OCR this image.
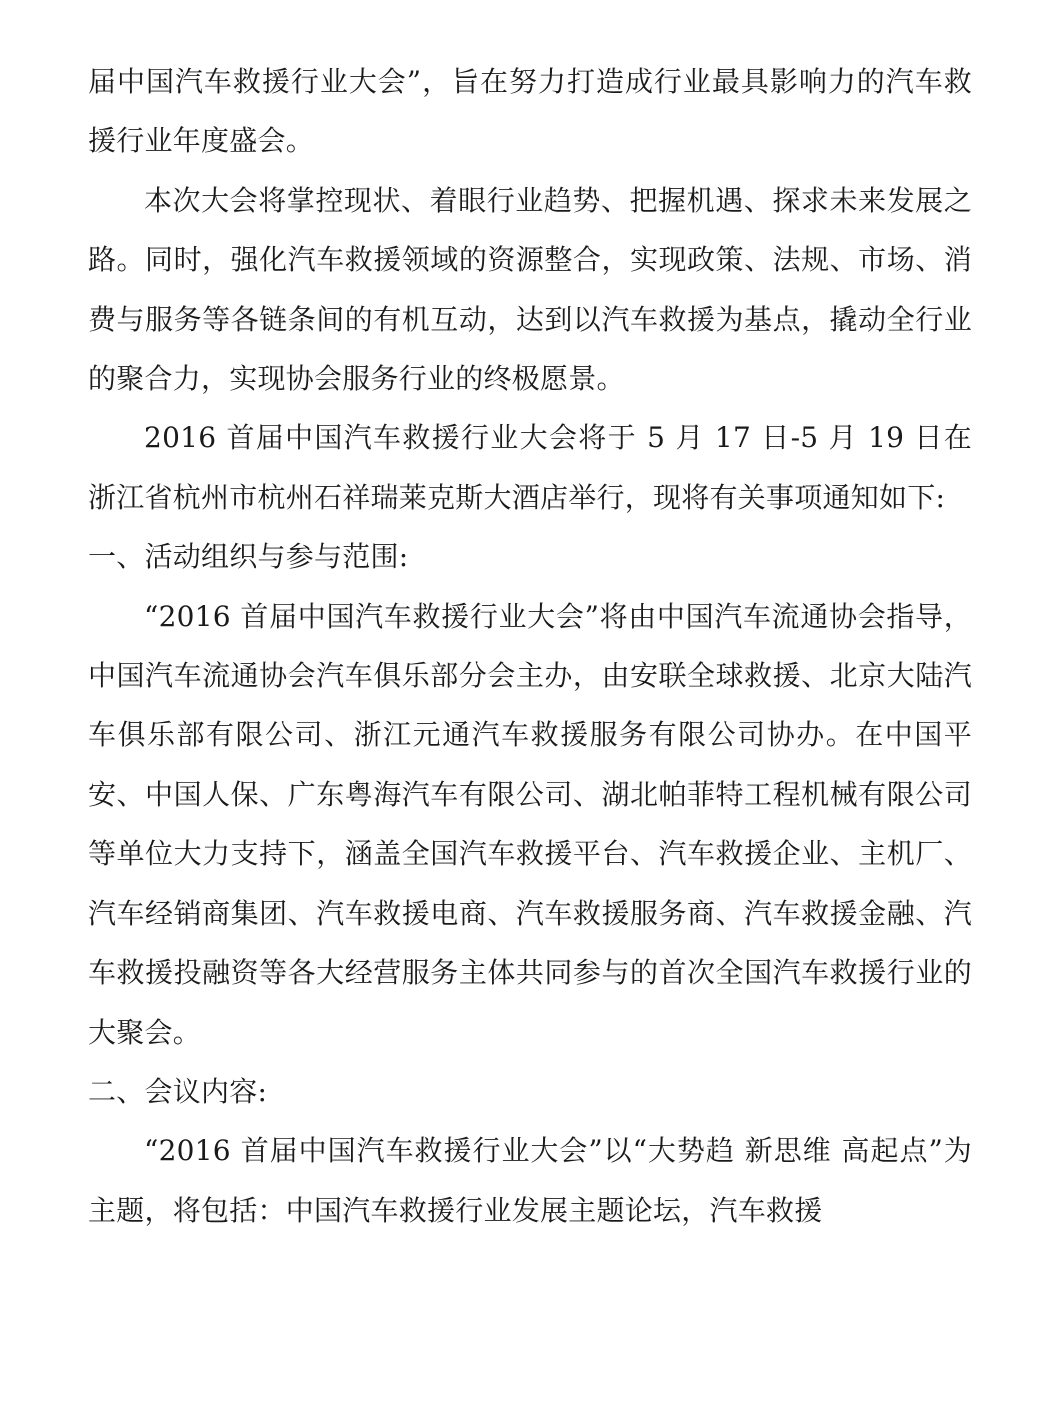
届中国汽车救援行业大会”，旨在努力打造成行业最具影响力的汽车救援行业年度盛会。

本次大会将掌控现状、着眼行业趋势、把握机遇、探求未来发展之路。同时，强化汽车救援领域的资源整合，实现政策、法规、市场、消费与服务等各链条间的有机互动，达到以汽车救援为基点，撬动全行业的聚合力，实现协会服务行业的终极愿景。

2016 首届中国汽车救援行业大会将于 5 月 17 日-5 月 19 日在浙江省杭州市杭州石祥瑞莱克斯大酒店举行，现将有关事项通知如下:

一、活动组织与参与范围:

“2016 首届中国汽车救援行业大会”将由中国汽车流通协会指导，中国汽车流通协会汽车俱乐部分会主办，由安联全球救援、北京大陆汽车俱乐部有限公司、浙江元通汽车救援服务有限公司协办。在中国平安、中国人保、广东粤海汽车有限公司、湖北帕菲特工程机械有限公司等单位大力支持下，涵盖全国汽车救援平台、汽车救援企业、主机厂、汽车经销商集团、汽车救援电商、汽车救援服务商、汽车救援金融、汽车救援投融资等各大经营服务主体共同参与的首次全国汽车救援行业的大聚会。

二、会议内容:

“2016 首届中国汽车救援行业大会”以“大势趋 新思维 高起点”为主题，将包括：中国汽车救援行业发展主题论坛，汽车救援
